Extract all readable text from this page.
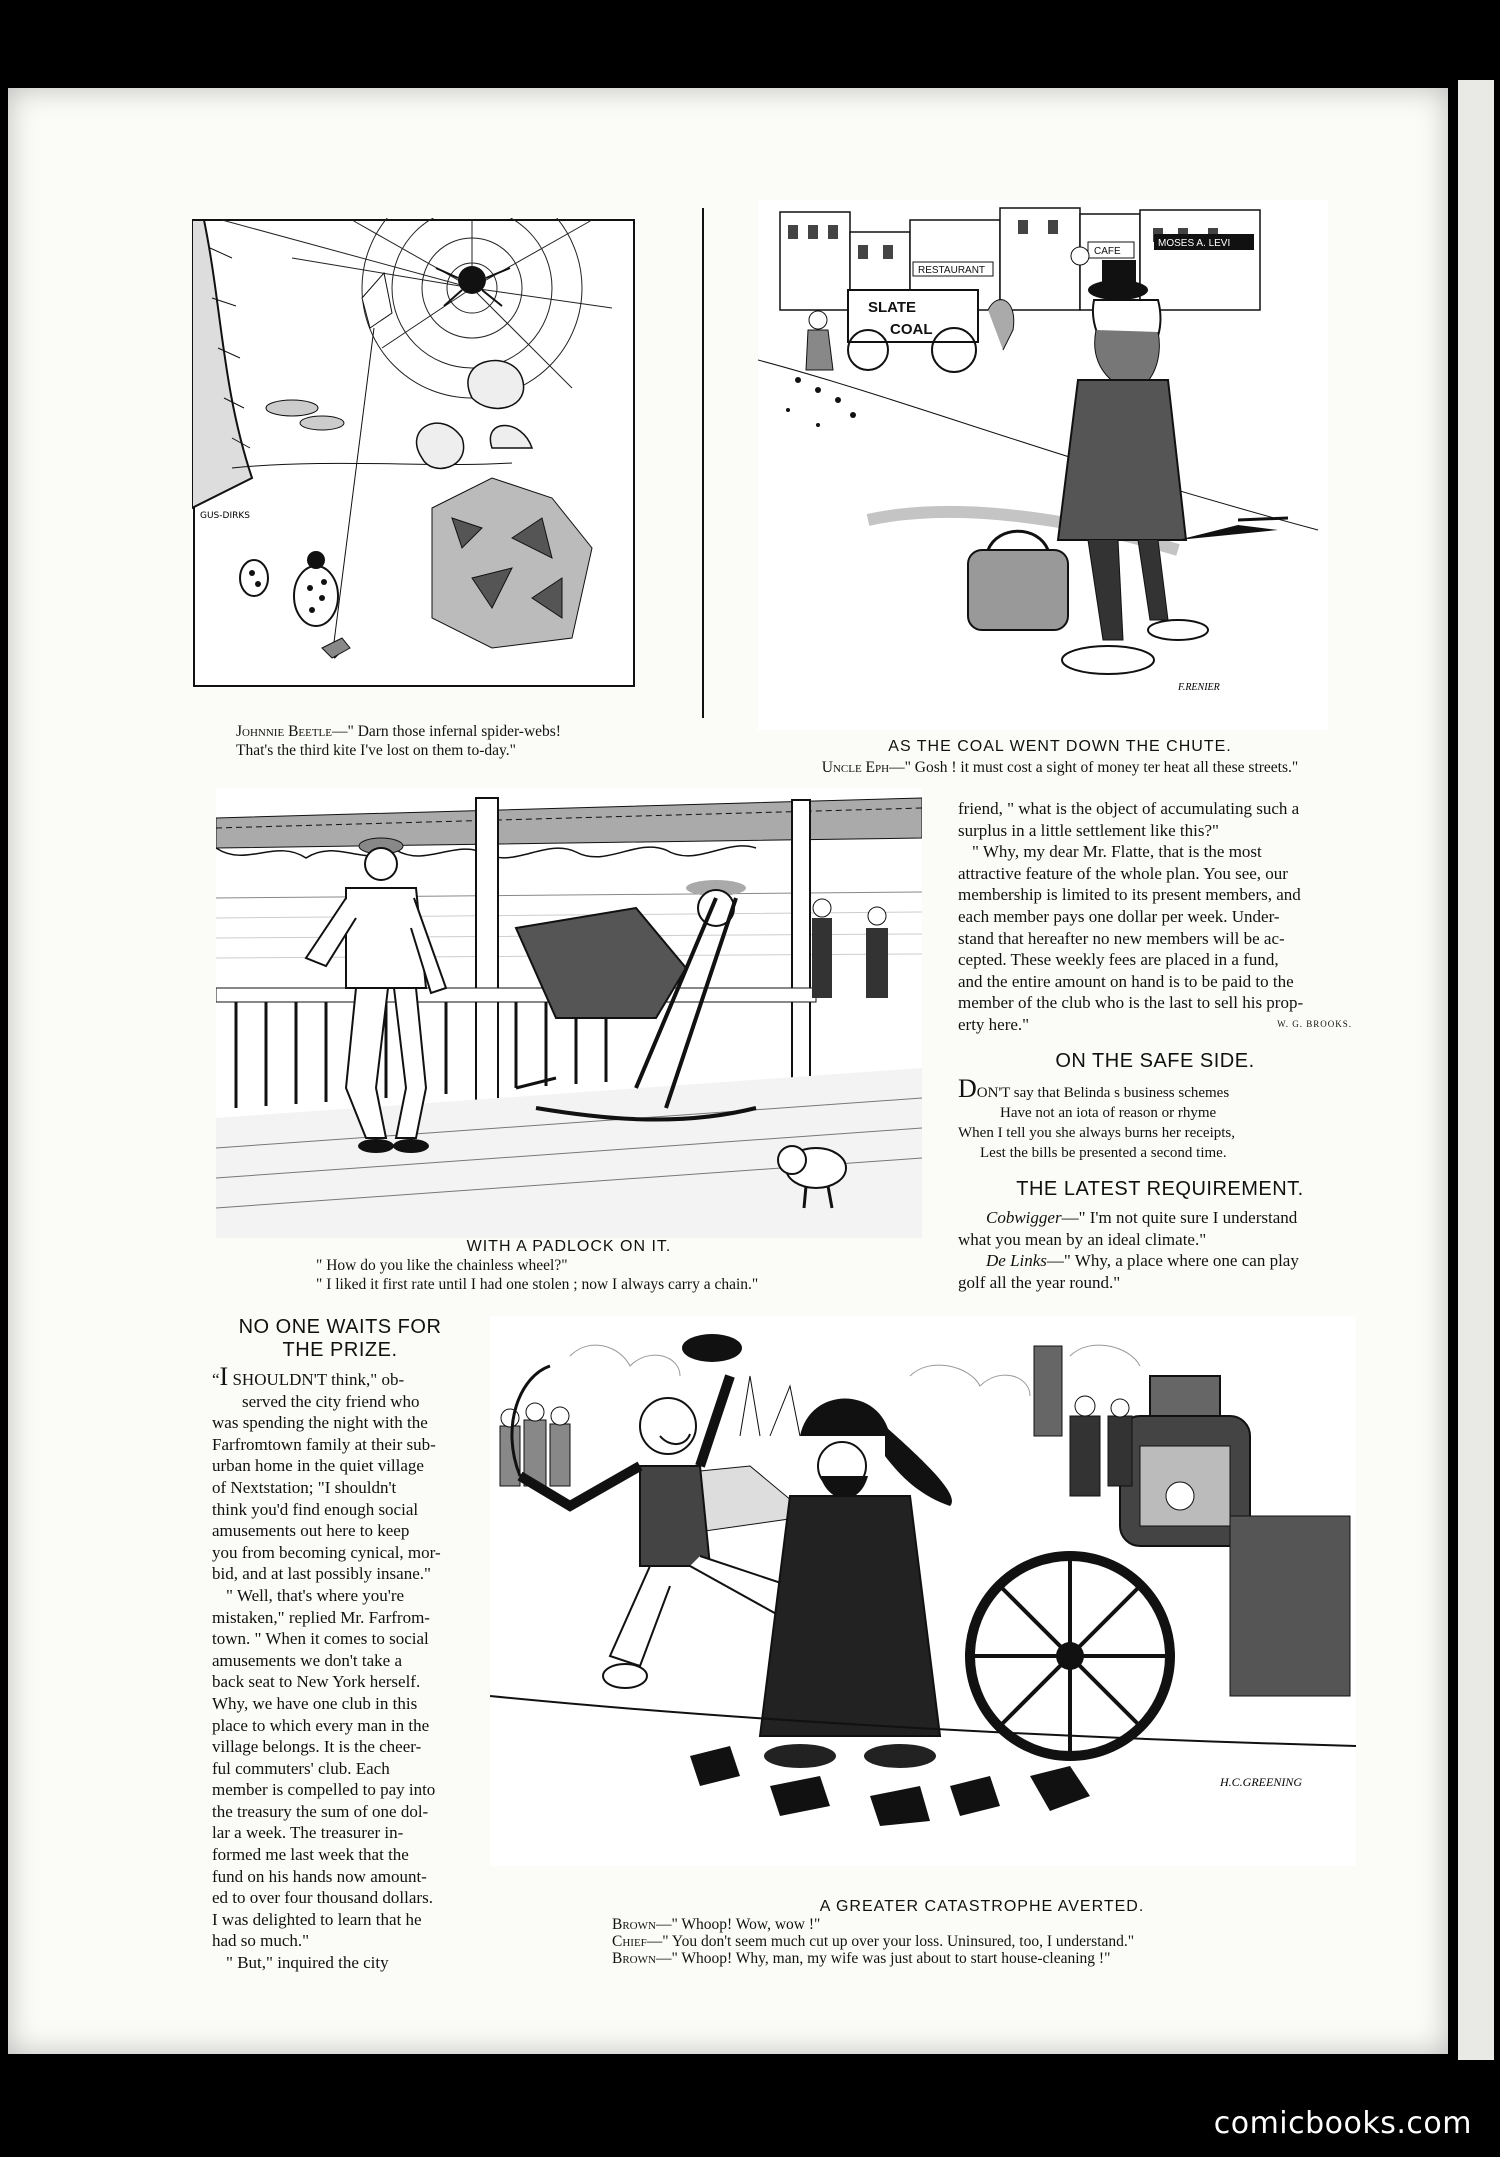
GUS-DIRKS
Johnnie Beetle—" Darn those infernal spider-webs!
That's the third kite I've lost on them to-day."
RESTAURANT
CAFE
MOSES A. LEVI
SLATE
COAL
F.RENIER
AS THE COAL WENT DOWN THE CHUTE.
Uncle Eph—" Gosh ! it must cost a sight of money ter heat all these streets."
WITH A PADLOCK ON IT.
" How do you like the chainless wheel?"
" I liked it first rate until I had one stolen ; now I always carry a chain."

friend, " what is the object of accumulating such a

surplus in a little settlement like this?"

" Why, my dear Mr. Flatte, that is the most

attractive feature of the whole plan. You see, our

membership is limited to its present members, and

each member pays one dollar per week. Under-

stand that hereafter no new members will be ac-

cepted. These weekly fees are placed in a fund,

and the entire amount on hand is to be paid to the

member of the club who is the last to sell his prop-

erty here."	W. G. BROOKS.

ON THE SAFE SIDE.
DON'T say that Belinda s business schemes
Have not an iota of reason or rhyme
When I tell you she always burns her receipts,
Lest the bills be presented a second time.
THE LATEST REQUIREMENT.

Cobwigger—" I'm not quite sure I understand

what you mean by an ideal climate."

De Links—" Why, a place where one can play

golf all the year round."

NO ONE WAITS FOR
THE PRIZE.

“I SHOULDN'T think," ob-

served the city friend who

was spending the night with the

Farfromtown family at their sub-

urban home in the quiet village

of Nextstation; "I shouldn't

think you'd find enough social

amusements out here to keep

you from becoming cynical, mor-

bid, and at last possibly insane."

" Well, that's where you're

mistaken," replied Mr. Farfrom-

town. " When it comes to social

amusements we don't take a

back seat to New York herself.

Why, we have one club in this

place to which every man in the

village belongs. It is the cheer-

ful commuters' club. Each

member is compelled to pay into

the treasury the sum of one dol-

lar a week. The treasurer in-

formed me last week that the

fund on his hands now amount-

ed to over four thousand dollars.

I was delighted to learn that he

had so much."

" But," inquired the city

H.C.GREENING
A GREATER CATASTROPHE AVERTED.
Brown—" Whoop! Wow, wow !"
Chief—" You don't seem much cut up over your loss. Uninsured, too, I understand."
Brown—" Whoop! Why, man, my wife was just about to start house-cleaning !"
comicbooks.com
